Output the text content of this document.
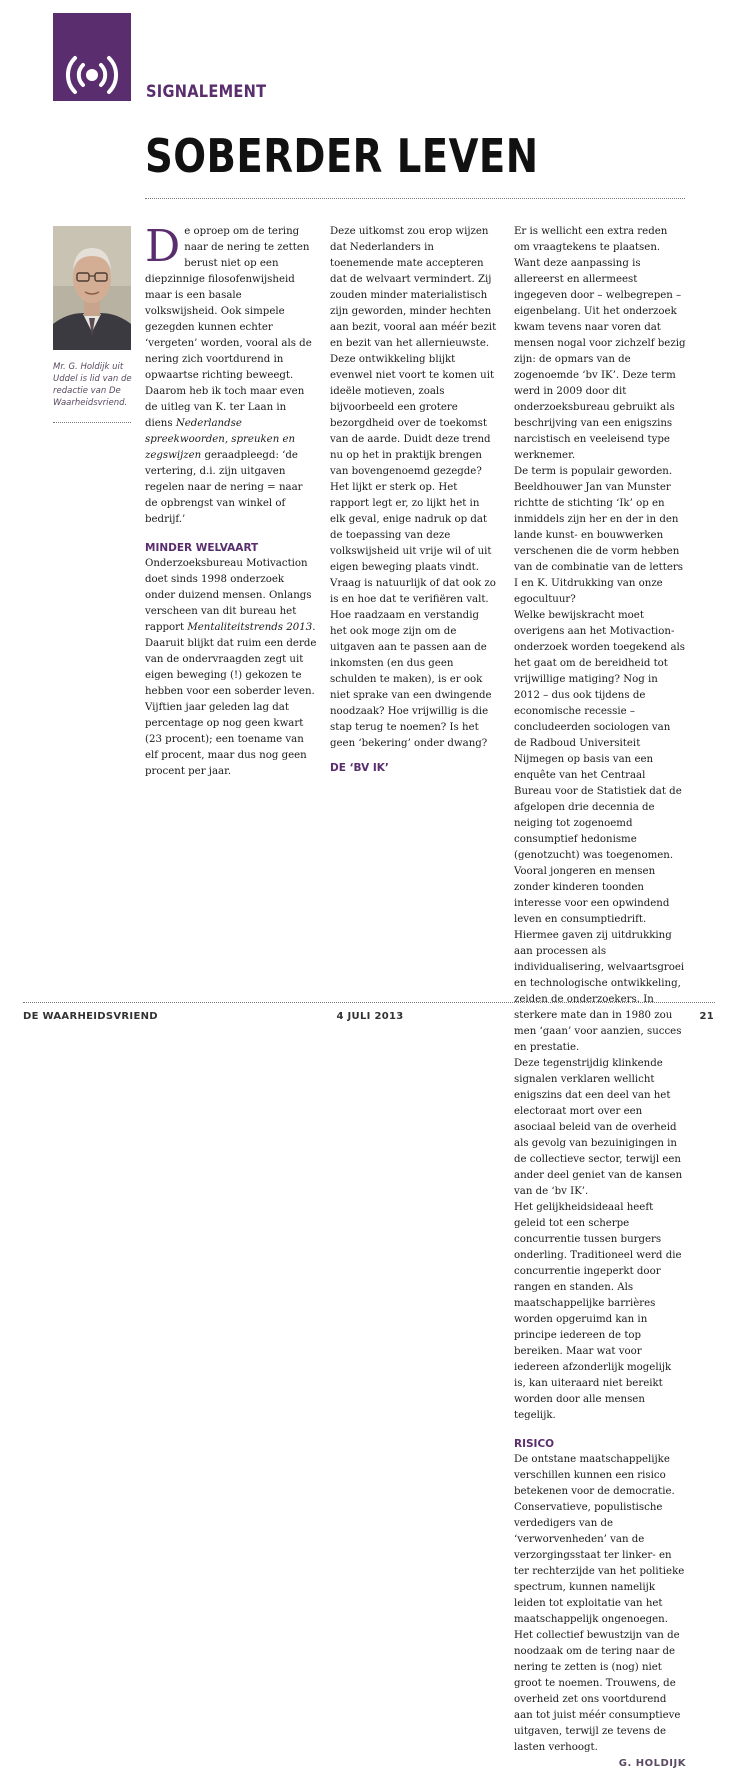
SIGNALEMENT
SOBERDER LEVEN
Mr. G. Holdijk uit Uddel is lid van de redactie van De Waarheidsvriend.

De oproep om de tering naar de nering te zetten berust niet op een diepzinnige filosofenwijsheid maar is een basale volkswijsheid. Ook simpele gezegden kunnen echter ‘vergeten’ worden, vooral als de nering zich voortdurend in opwaartse richting beweegt. Daarom heb ik toch maar even de uitleg van K. ter Laan in diens Nederlandse spreekwoorden, spreuken en zegswijzen geraadpleegd: ‘de vertering, d.i. zijn uitgaven regelen naar de nering = naar de opbrengst van winkel of bedrijf.’

MINDER WELVAART

Onderzoeksbureau Motivaction doet sinds 1998 onderzoek onder duizend mensen. Onlangs verscheen van dit bureau het rapport Mentaliteitstrends 2013. Daaruit blijkt dat ruim een derde van de ondervraagden zegt uit eigen beweging (!) gekozen te hebben voor een soberder leven. Vijftien jaar geleden lag dat percentage op nog geen kwart (23 procent); een toename van elf procent, maar dus nog geen procent per jaar.

Deze uitkomst zou erop wijzen dat Nederlanders in toenemende mate accepteren dat de welvaart vermindert. Zij zouden minder materialistisch zijn geworden, minder hechten aan bezit, vooral aan méér bezit en bezit van het allernieuwste. Deze ontwikkeling blijkt evenwel niet voort te komen uit ideële motieven, zoals bijvoorbeeld een grotere bezorgdheid over de toekomst van de aarde. Duidt deze trend nu op het in praktijk brengen van bovengenoemd gezegde? Het lijkt er sterk op. Het rapport legt er, zo lijkt het in elk geval, enige nadruk op dat de toepassing van deze volkswijsheid uit vrije wil of uit eigen beweging plaats vindt. Vraag is natuurlijk of dat ook zo is en hoe dat te verifiëren valt. Hoe raadzaam en verstandig het ook moge zijn om de uitgaven aan te passen aan de inkomsten (en dus geen schulden te maken), is er ook niet sprake van een dwingende noodzaak? Hoe vrijwillig is die stap terug te noemen? Is het geen ‘bekering’ onder dwang?

DE ‘BV IK’

Er is wellicht een extra reden om vraagtekens te plaatsen. Want deze aanpassing is allereerst en allermeest ingegeven door – welbegrepen – eigenbelang. Uit het onderzoek kwam tevens naar voren dat mensen nogal voor zichzelf bezig zijn: de opmars van de zogenoemde ‘bv IK’. Deze term werd in 2009 door dit onderzoeksbureau gebruikt als beschrijving van een enigszins narcistisch en veeleisend type werknemer.

De term is populair geworden. Beeldhouwer Jan van Munster richtte de stichting ‘Ik’ op en inmiddels zijn her en der in den lande kunst- en bouwwerken verschenen die de vorm hebben van de combinatie van de letters I en K. Uitdrukking van onze egocultuur?

Welke bewijskracht moet overigens aan het Motivaction-onderzoek worden toegekend als het gaat om de bereidheid tot vrijwillige matiging? Nog in 2012 – dus ook tijdens de economische recessie – concludeerden sociologen van de Radboud Universiteit Nijmegen op basis van een enquête van het Centraal Bureau voor de Statistiek dat de afgelopen drie decennia de neiging tot zogenoemd consumptief hedonisme (genotzucht) was toegenomen. Vooral jongeren en mensen zonder kinderen toonden interesse voor een opwindend leven en consumptiedrift. Hiermee gaven zij uitdrukking aan processen als individualisering, welvaartsgroei en technologische ontwikkeling, zeiden de onderzoekers. In sterkere mate dan in 1980 zou men ‘gaan’ voor aanzien, succes en prestatie.

Deze tegenstrijdig klinkende signalen verklaren wellicht enigszins dat een deel van het electoraat mort over een asociaal beleid van de overheid als gevolg van bezuinigingen in de collectieve sector, terwijl een ander deel geniet van de kansen van de ‘bv IK’.

Het gelijkheidsideaal heeft geleid tot een scherpe concurrentie tussen burgers onderling. Traditioneel werd die concurrentie ingeperkt door rangen en standen. Als maatschappelijke barrières worden opgeruimd kan in principe iedereen de top bereiken. Maar wat voor iedereen afzonderlijk mogelijk is, kan uiteraard niet bereikt worden door alle mensen tegelijk.

RISICO

De ontstane maatschappelijke verschillen kunnen een risico betekenen voor de democratie. Conservatieve, populistische verdedigers van de ‘verworvenheden’ van de verzorgingsstaat ter linker- en ter rechterzijde van het politieke spectrum, kunnen namelijk leiden tot exploitatie van het maatschappelijk ongenoegen.

Het collectief bewustzijn van de noodzaak om de tering naar de nering te zetten is (nog) niet groot te noemen. Trouwens, de overheid zet ons voortdurend aan tot juist méér consumptieve uitgaven, terwijl ze tevens de lasten verhoogt.

G. HOLDIJK
DE WAARHEIDSVRIEND	4 JULI 2013	21
